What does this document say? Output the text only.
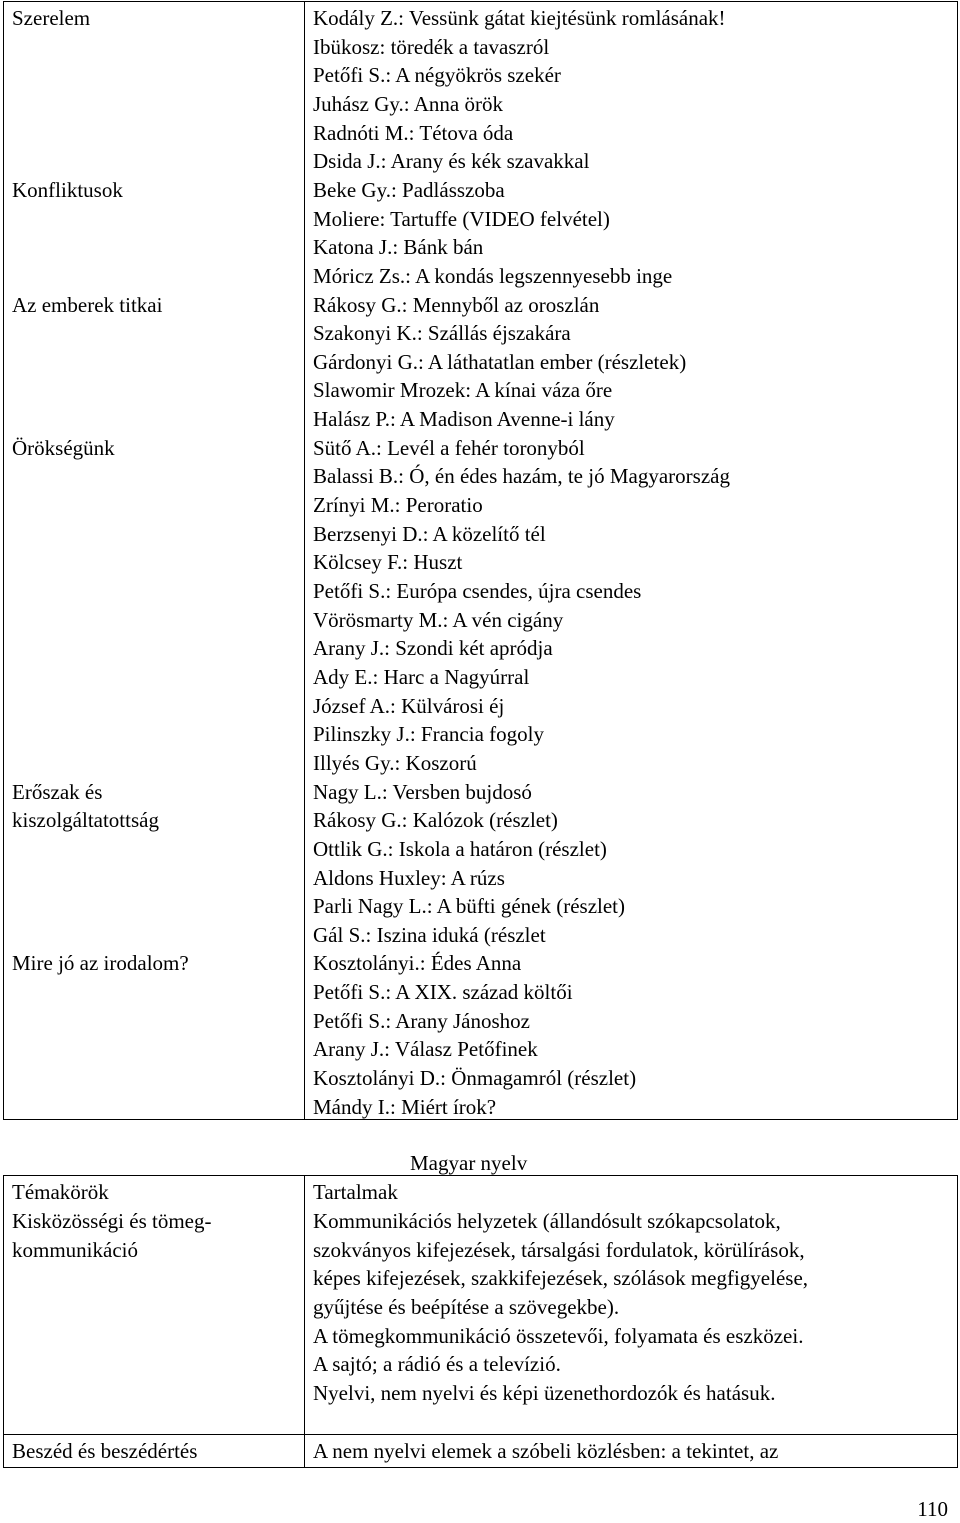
Szerelem
Konfliktusok
Az emberek titkai
Örökségünk
Erőszak és
kiszolgáltatottság
Mire jó az irodalom?
Kodály Z.: Vessünk gátat kiejtésünk romlásának!
Ibükosz: töredék a tavaszról
Petőfi S.: A négyökrös szekér
Juhász Gy.: Anna örök
Radnóti M.: Tétova óda
Dsida J.: Arany és kék szavakkal
Beke Gy.: Padlásszoba
Moliere: Tartuffe (VIDEO felvétel)
Katona J.: Bánk bán
Móricz Zs.: A kondás legszennyesebb inge
Rákosy G.: Mennyből az oroszlán
Szakonyi K.: Szállás éjszakára
Gárdonyi G.: A láthatatlan ember (részletek)
Slawomir Mrozek: A kínai váza őre
Halász P.: A Madison Avenne-i lány
Sütő A.: Levél a fehér toronyból
Balassi B.: Ó, én édes hazám, te jó Magyarország
Zrínyi M.: Peroratio
Berzsenyi D.: A közelítő tél
Kölcsey F.: Huszt
Petőfi S.: Európa csendes, újra csendes
Vörösmarty M.: A vén cigány
Arany J.: Szondi két apródja
Ady E.: Harc a Nagyúrral
József A.: Külvárosi éj
Pilinszky J.: Francia fogoly
Illyés Gy.: Koszorú
Nagy L.: Versben bujdosó
Rákosy G.: Kalózok (részlet)
Ottlik G.: Iskola a határon (részlet)
Aldons Huxley: A rúzs
Parli Nagy L.: A büfti gének (részlet)
Gál S.: Iszina iduká (részlet
Kosztolányi.: Édes Anna
Petőfi S.: A XIX. század költői
Petőfi S.: Arany Jánoshoz
Arany J.: Válasz Petőfinek
Kosztolányi D.: Önmagamról (részlet)
Mándy I.: Miért írok?
Magyar nyelv
Témakörök	Tartalmak
Kisközösségi és tömeg-
kommunikáció
Kommunikációs helyzetek (állandósult szókapcsolatok,
szokványos kifejezések, társalgási fordulatok, körülírások,
képes kifejezések, szakkifejezések, szólások megfigyelése,
gyűjtése és beépítése a szövegekbe).
A tömegkommunikáció összetevői, folyamata és eszközei.
A sajtó; a rádió és a televízió.
Nyelvi, nem nyelvi és képi üzenethordozók és hatásuk.
Beszéd és beszédértés	A nem nyelvi elemek a szóbeli közlésben: a tekintet, az
110
